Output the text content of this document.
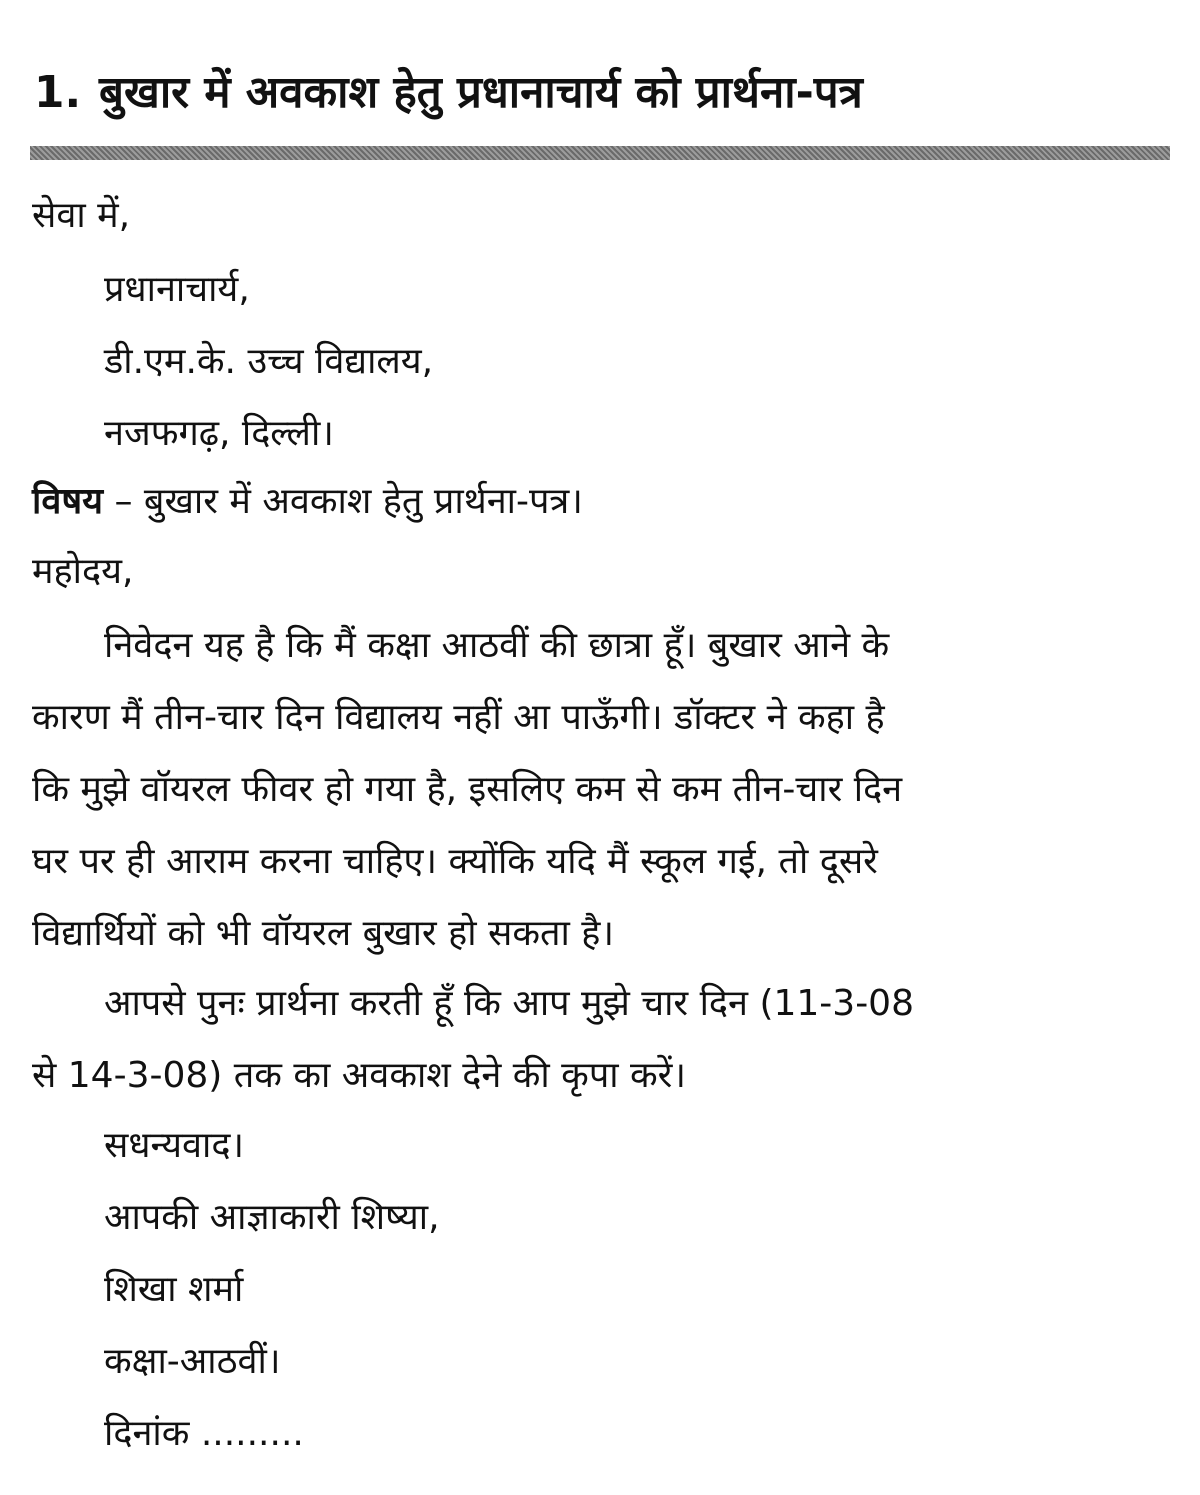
1. बुखार में अवकाश हेतु प्रधानाचार्य को प्रार्थना-पत्र
सेवा में,
प्रधानाचार्य,
डी.एम.के. उच्च विद्यालय,
नजफगढ़, दिल्ली।
विषय – बुखार में अवकाश हेतु प्रार्थना-पत्र।
महोदय,
निवेदन यह है कि मैं कक्षा आठवीं की छात्रा हूँ। बुखार आने के
कारण मैं तीन-चार दिन विद्यालय नहीं आ पाऊँगी। डॉक्टर ने कहा है
कि मुझे वॉयरल फीवर हो गया है, इसलिए कम से कम तीन-चार दिन
घर पर ही आराम करना चाहिए। क्योंकि यदि मैं स्कूल गई, तो दूसरे
विद्यार्थियों को भी वॉयरल बुखार हो सकता है।
आपसे पुनः प्रार्थना करती हूँ कि आप मुझे चार दिन (11-3-08
से 14-3-08) तक का अवकाश देने की कृपा करें।
सधन्यवाद।
आपकी आज्ञाकारी शिष्या,
शिखा शर्मा
कक्षा-आठवीं।
दिनांक .........
